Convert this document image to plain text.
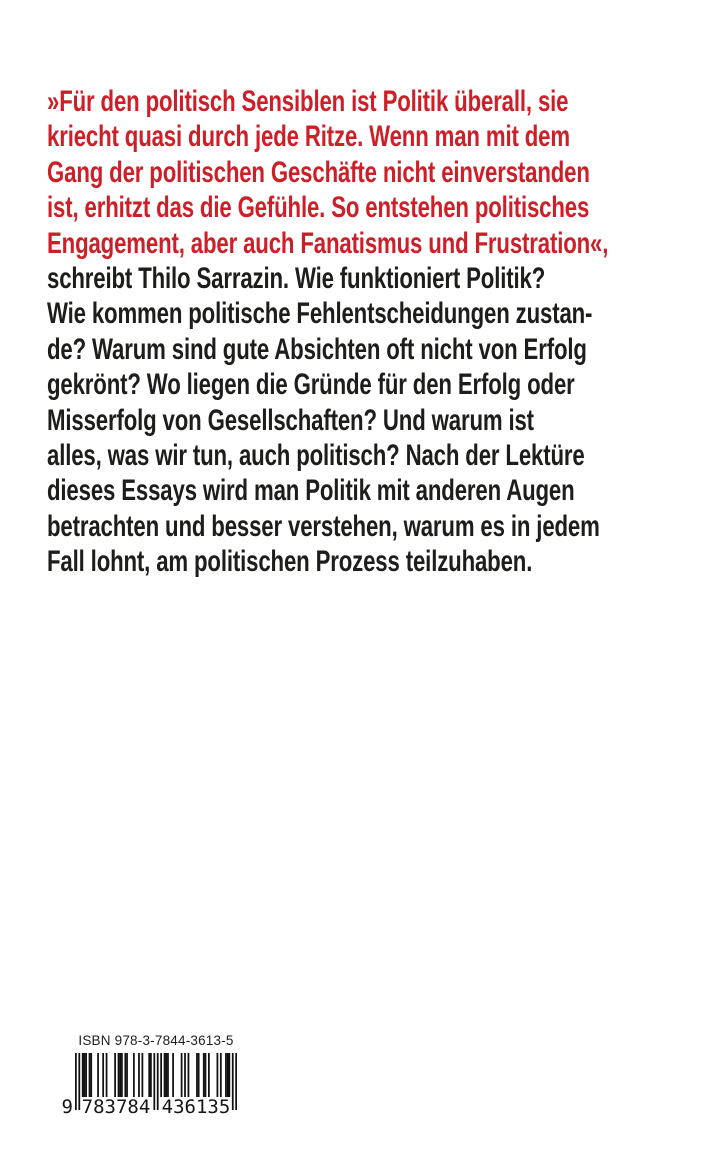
»Für den politisch Sensiblen ist Politik überall, sie
kriecht quasi durch jede Ritze. Wenn man mit dem
Gang der politischen Geschäfte nicht einverstanden
ist, erhitzt das die Gefühle. So entstehen politisches
Engagement, aber auch Fanatismus und Frustration«,
schreibt Thilo Sarrazin. Wie funktioniert Politik?
Wie kommen politische Fehlentscheidungen zustan-
de? Warum sind gute Absichten oft nicht von Erfolg
gekrönt? Wo liegen die Gründe für den Erfolg oder
Misserfolg von Gesellschaften? Und warum ist
alles, was wir tun, auch politisch? Nach der Lektüre
dieses Essays wird man Politik mit anderen Augen
betrachten und besser verstehen, warum es in jedem
Fall lohnt, am politischen Prozess teilzuhaben.
ISBN 978-3-7844-3613-5
9 783784 436135
